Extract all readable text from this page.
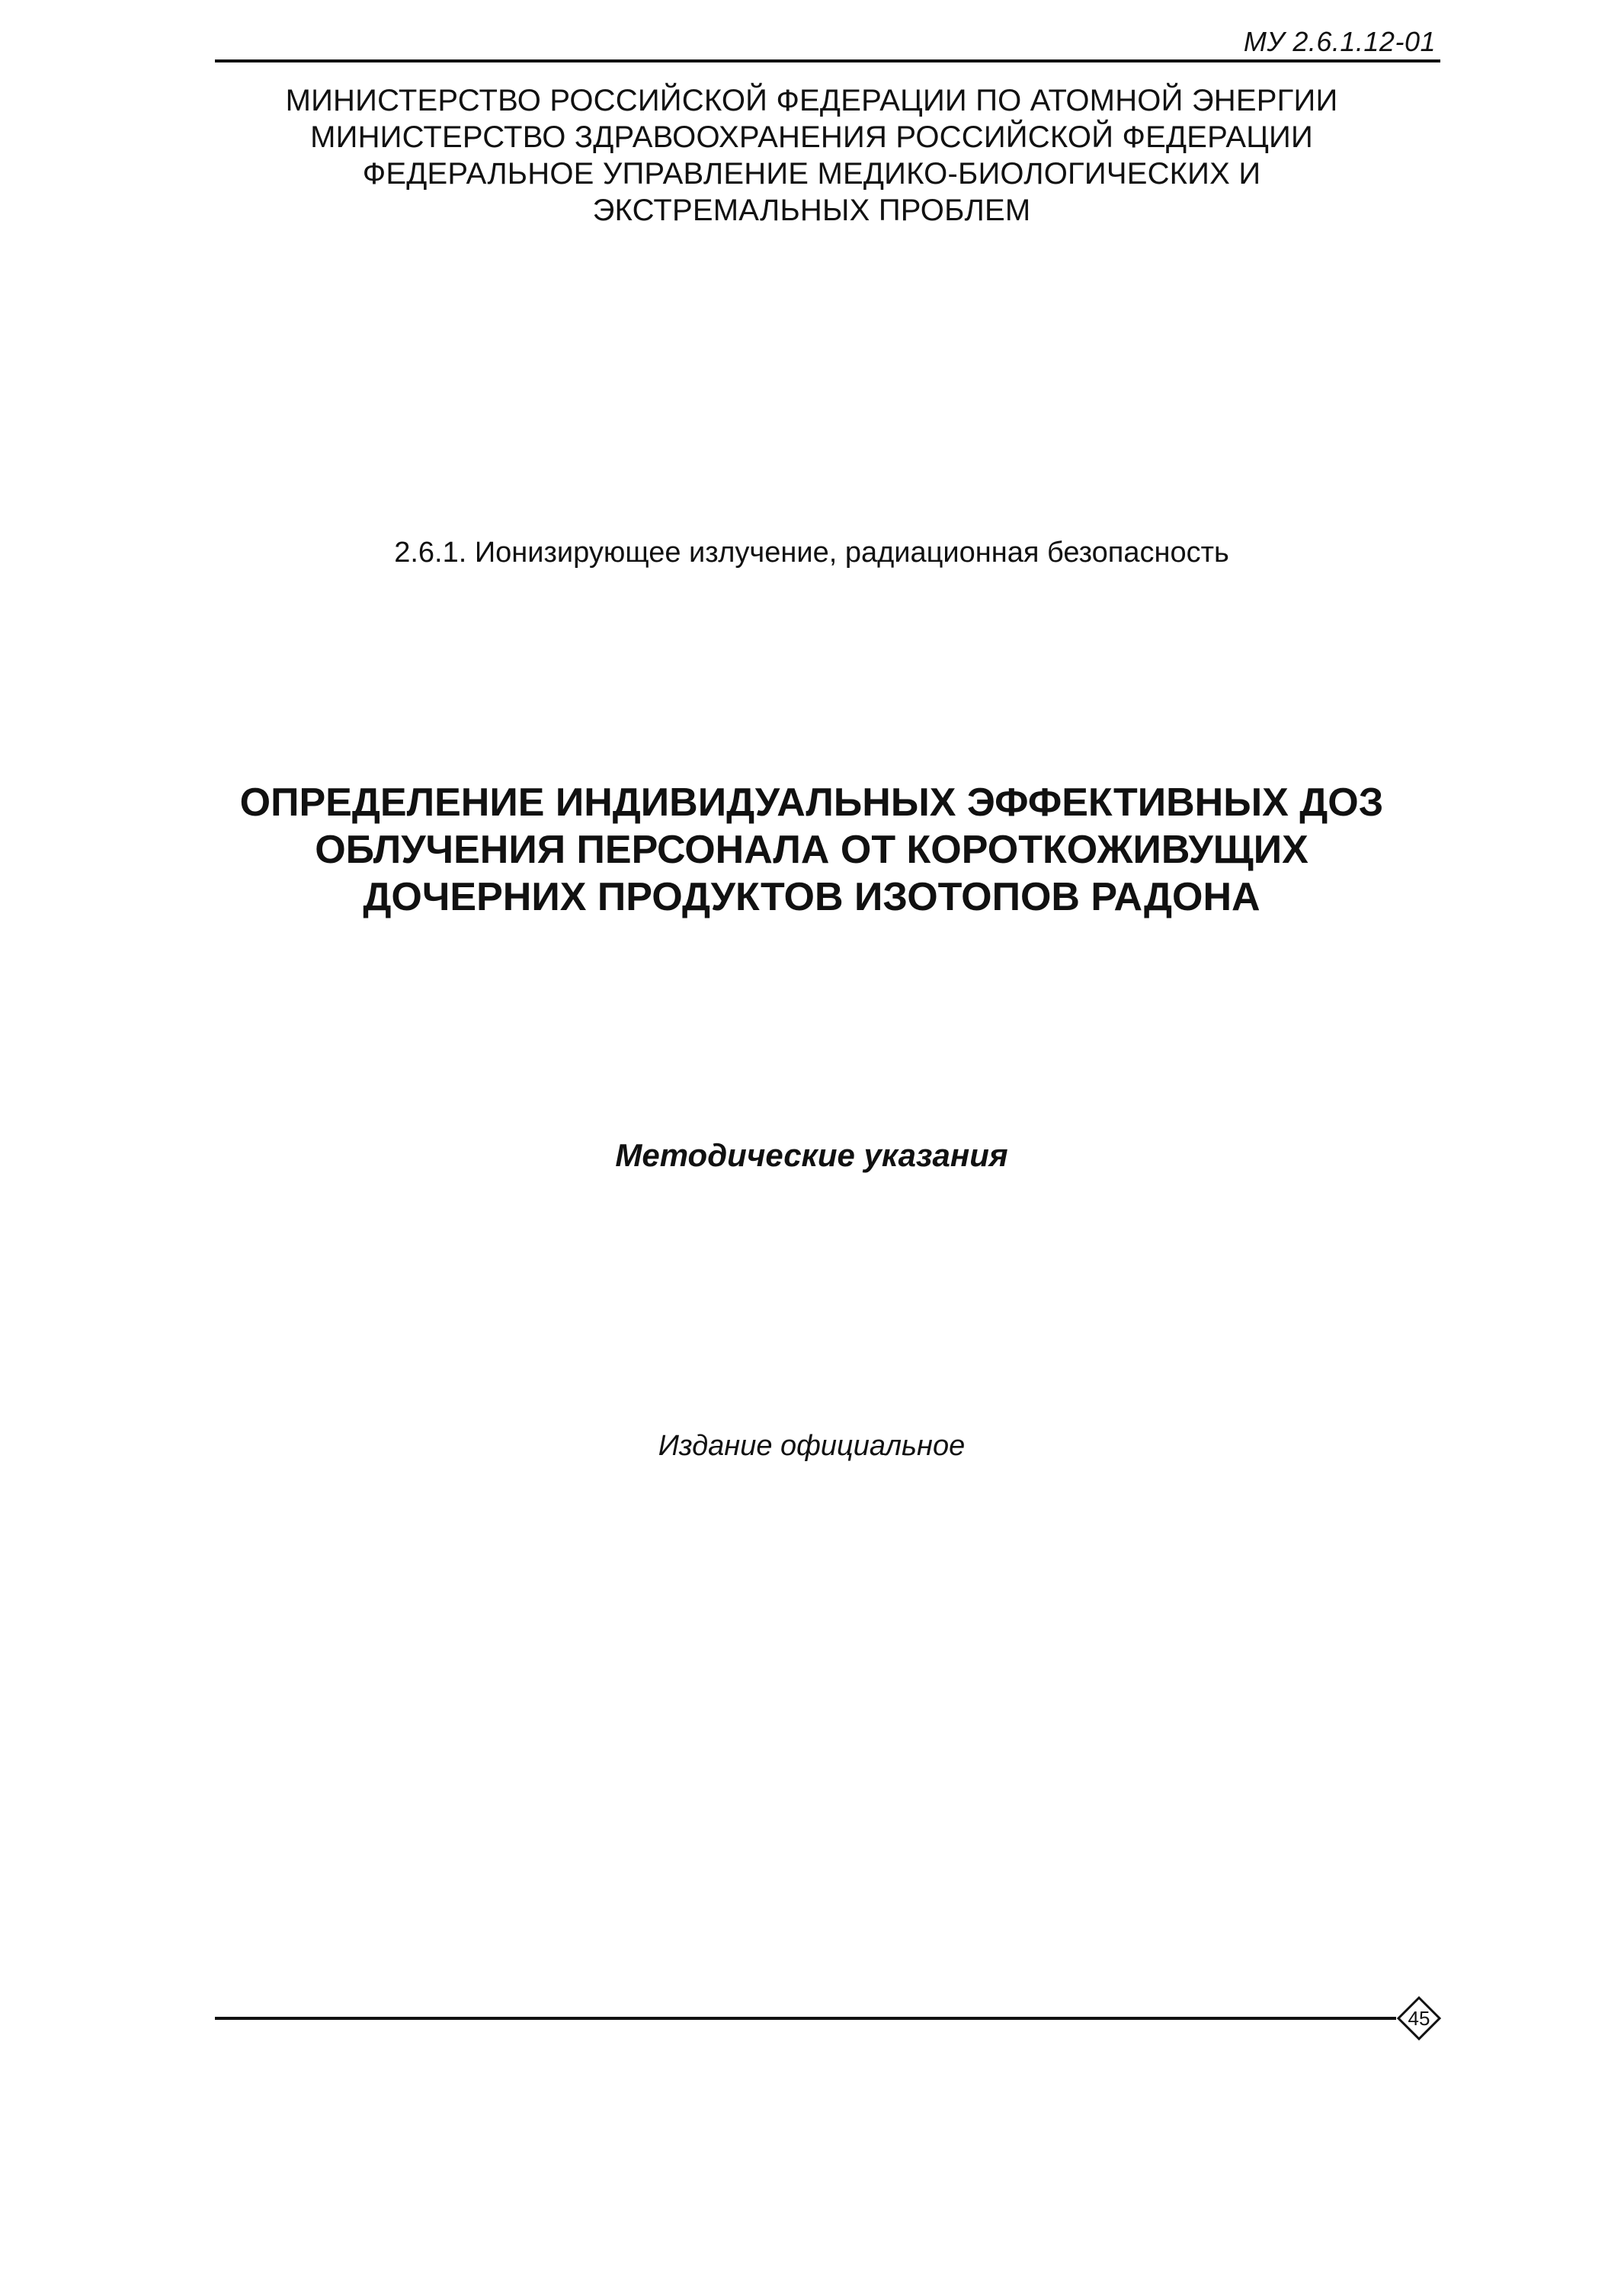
МУ 2.6.1.12-01
МИНИСТЕРСТВО РОССИЙСКОЙ ФЕДЕРАЦИИ ПО АТОМНОЙ ЭНЕРГИИ
МИНИСТЕРСТВО ЗДРАВООХРАНЕНИЯ РОССИЙСКОЙ ФЕДЕРАЦИИ
ФЕДЕРАЛЬНОЕ УПРАВЛЕНИЕ МЕДИКО-БИОЛОГИЧЕСКИХ И
ЭКСТРЕМАЛЬНЫХ ПРОБЛЕМ
2.6.1. Ионизирующее излучение, радиационная безопасность
ОПРЕДЕЛЕНИЕ ИНДИВИДУАЛЬНЫХ ЭФФЕКТИВНЫХ ДОЗ
ОБЛУЧЕНИЯ ПЕРСОНАЛА ОТ КОРОТКОЖИВУЩИХ
ДОЧЕРНИХ ПРОДУКТОВ ИЗОТОПОВ РАДОНА
Методические указания
Издание официальное
45
